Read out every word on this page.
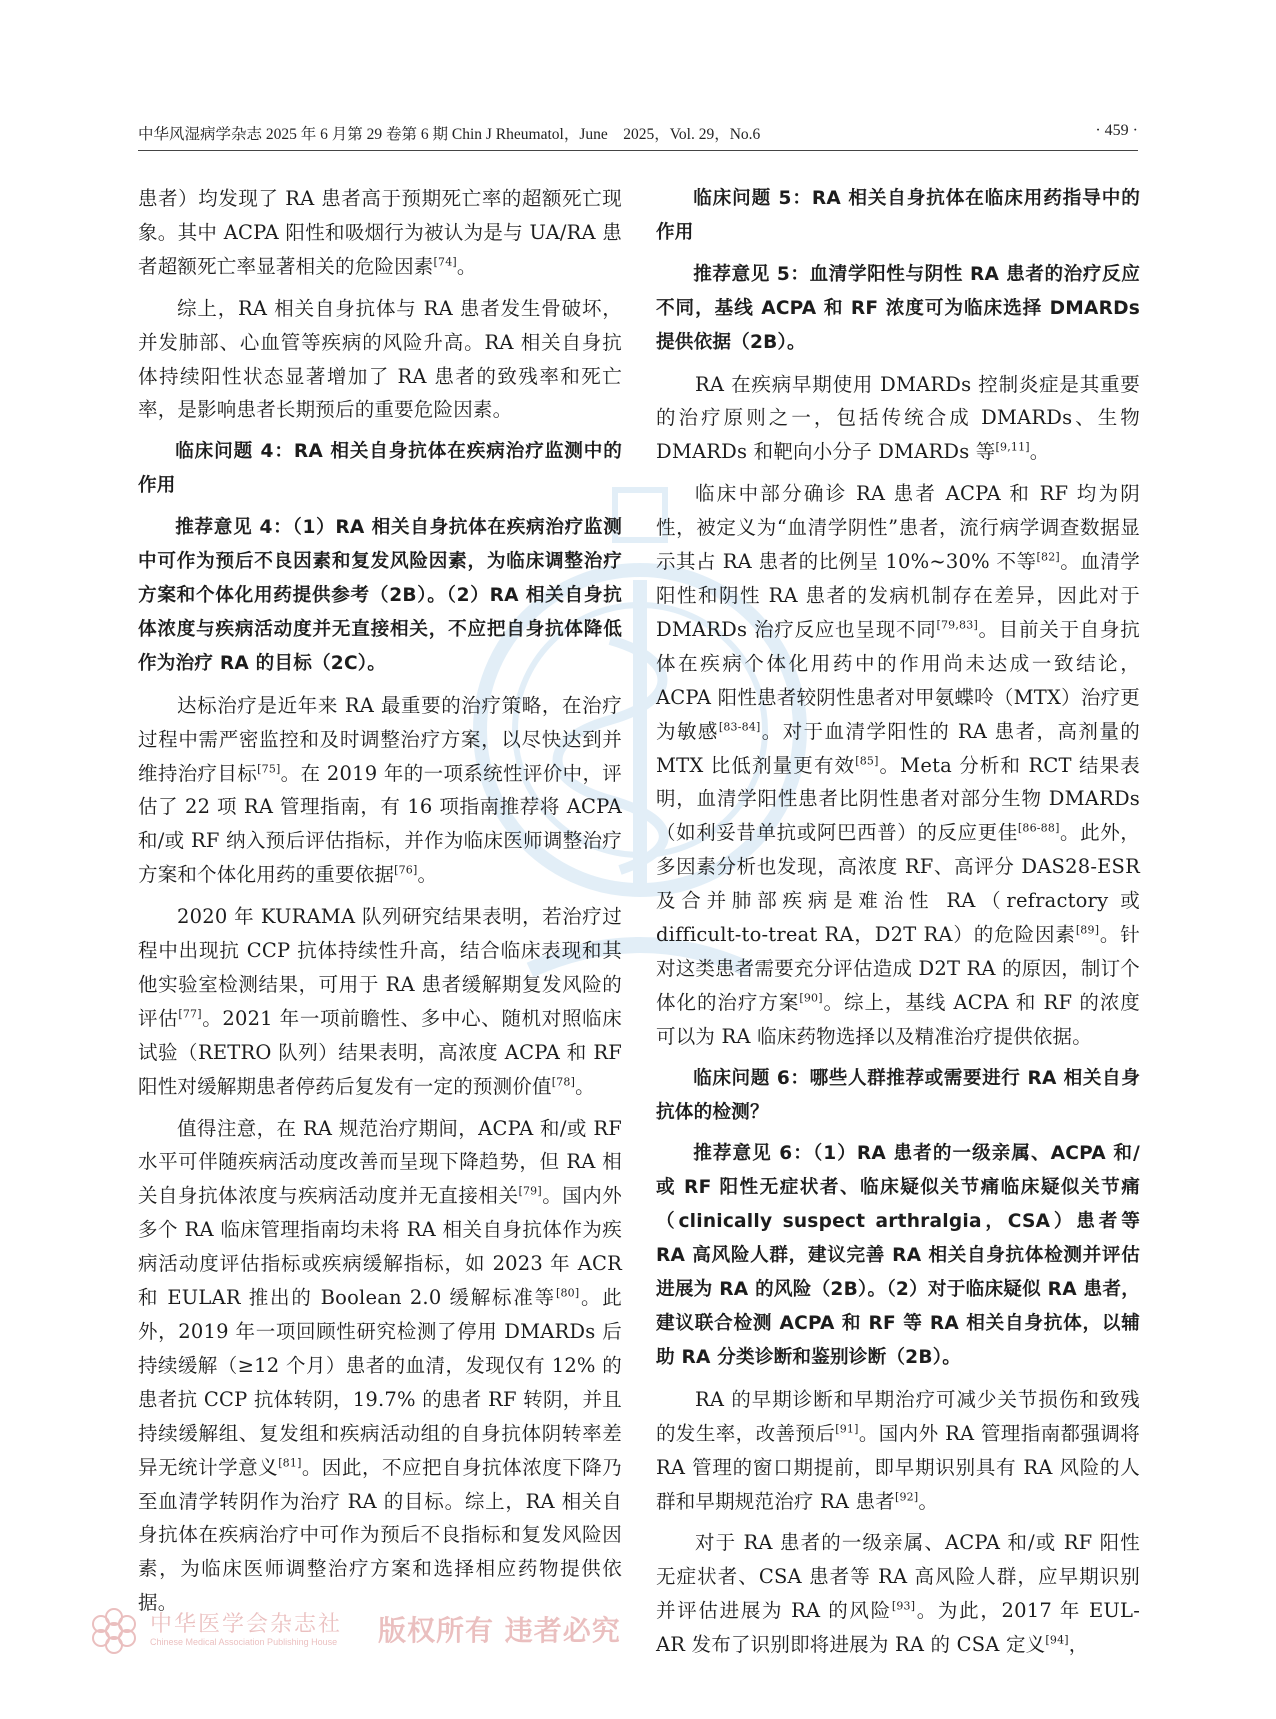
中华风湿病学杂志 2025 年 6 月第 29 卷第 6 期 Chin J Rheumatol，June　2025，Vol. 29，No.6	· 459 ·

患者）均发现了 RA 患者高于预期死亡率的超额死亡现象。其中 ACPA 阳性和吸烟行为被认为是与 UA/RA 患者超额死亡率显著相关的危险因素[74]。

综上，RA 相关自身抗体与 RA 患者发生骨破坏，并发肺部、心血管等疾病的风险升高。RA 相关自身抗体持续阳性状态显著增加了 RA 患者的致残率和死亡率，是影响患者长期预后的重要危险因素。

临床问题 4：RA 相关自身抗体在疾病治疗监测中的作用

推荐意见 4：（1）RA 相关自身抗体在疾病治疗监测中可作为预后不良因素和复发风险因素，为临床调整治疗方案和个体化用药提供参考（2B）。（2）RA 相关自身抗体浓度与疾病活动度并无直接相关，不应把自身抗体降低作为治疗 RA 的目标（2C）。

达标治疗是近年来 RA 最重要的治疗策略，在治疗过程中需严密监控和及时调整治疗方案，以尽快达到并维持治疗目标[75]。在 2019 年的一项系统性评价中，评估了 22 项 RA 管理指南，有 16 项指南推荐将 ACPA 和/或 RF 纳入预后评估指标，并作为临床医师调整治疗方案和个体化用药的重要依据[76]。

2020 年 KURAMA 队列研究结果表明，若治疗过程中出现抗 CCP 抗体持续性升高，结合临床表现和其他实验室检测结果，可用于 RA 患者缓解期复发风险的评估[77]。2021 年一项前瞻性、多中心、随机对照临床试验（RETRO 队列）结果表明，高浓度 ACPA 和 RF 阳性对缓解期患者停药后复发有一定的预测价值[78]。

值得注意，在 RA 规范治疗期间，ACPA 和/或 RF 水平可伴随疾病活动度改善而呈现下降趋势，但 RA 相关自身抗体浓度与疾病活动度并无直接相关[79]。国内外多个 RA 临床管理指南均未将 RA 相关自身抗体作为疾病活动度评估指标或疾病缓解指标，如 2023 年 ACR 和 EULAR 推出的 Boolean 2.0 缓解标准等[80]。此外，2019 年一项回顾性研究检测了停用 DMARDs 后持续缓解（≥12 个月）患者的血清，发现仅有 12% 的患者抗 CCP 抗体转阴，19.7% 的患者 RF 转阴，并且持续缓解组、复发组和疾病活动组的自身抗体阴转率差异无统计学意义[81]。因此，不应把自身抗体浓度下降乃至血清学转阴作为治疗 RA 的目标。综上，RA 相关自身抗体在疾病治疗中可作为预后不良指标和复发风险因素，为临床医师调整治疗方案和选择相应药物提供依据。

临床问题 5：RA 相关自身抗体在临床用药指导中的作用

推荐意见 5：血清学阳性与阴性 RA 患者的治疗反应不同，基线 ACPA 和 RF 浓度可为临床选择 DMARDs 提供依据（2B）。

RA 在疾病早期使用 DMARDs 控制炎症是其重要的治疗原则之一，包括传统合成 DMARDs、生物 DMARDs 和靶向小分子 DMARDs 等[9,11]。

临床中部分确诊 RA 患者 ACPA 和 RF 均为阴性，被定义为“血清学阴性”患者，流行病学调查数据显示其占 RA 患者的比例呈 10%~30% 不等[82]。血清学阳性和阴性 RA 患者的发病机制存在差异，因此对于 DMARDs 治疗反应也呈现不同[79,83]。目前关于自身抗体在疾病个体化用药中的作用尚未达成一致结论，ACPA 阳性患者较阴性患者对甲氨蝶呤（MTX）治疗更为敏感[83-84]。对于血清学阳性的 RA 患者，高剂量的 MTX 比低剂量更有效[85]。Meta 分析和 RCT 结果表明，血清学阳性患者比阴性患者对部分生物 DMARDs（如利妥昔单抗或阿巴西普）的反应更佳[86-88]。此外，多因素分析也发现，高浓度 RF、高评分 DAS28-ESR 及合并肺部疾病是难治性 RA（refractory 或 difficult-to-treat RA，D2T RA）的危险因素[89]。针对这类患者需要充分评估造成 D2T RA 的原因，制订个体化的治疗方案[90]。综上，基线 ACPA 和 RF 的浓度可以为 RA 临床药物选择以及精准治疗提供依据。

临床问题 6：哪些人群推荐或需要进行 RA 相关自身抗体的检测？

推荐意见 6：（1）RA 患者的一级亲属、ACPA 和/或 RF 阳性无症状者、临床疑似关节痛临床疑似关节痛（clinically suspect arthralgia，CSA）患者等 RA 高风险人群，建议完善 RA 相关自身抗体检测并评估进展为 RA 的风险（2B）。（2）对于临床疑似 RA 患者，建议联合检测 ACPA 和 RF 等 RA 相关自身抗体，以辅助 RA 分类诊断和鉴别诊断（2B）。

RA 的早期诊断和早期治疗可减少关节损伤和致残的发生率，改善预后[91]。国内外 RA 管理指南都强调将 RA 管理的窗口期提前，即早期识别具有 RA 风险的人群和早期规范治疗 RA 患者[92]。

对于 RA 患者的一级亲属、ACPA 和/或 RF 阳性无症状者、CSA 患者等 RA 高风险人群，应早期识别并评估进展为 RA 的风险[93]。为此，2017 年 EUL-AR 发布了识别即将进展为 RA 的 CSA 定义[94]，

中华医学会杂志社
Chinese Medical Association Publishing House 版权所有 违者必究
